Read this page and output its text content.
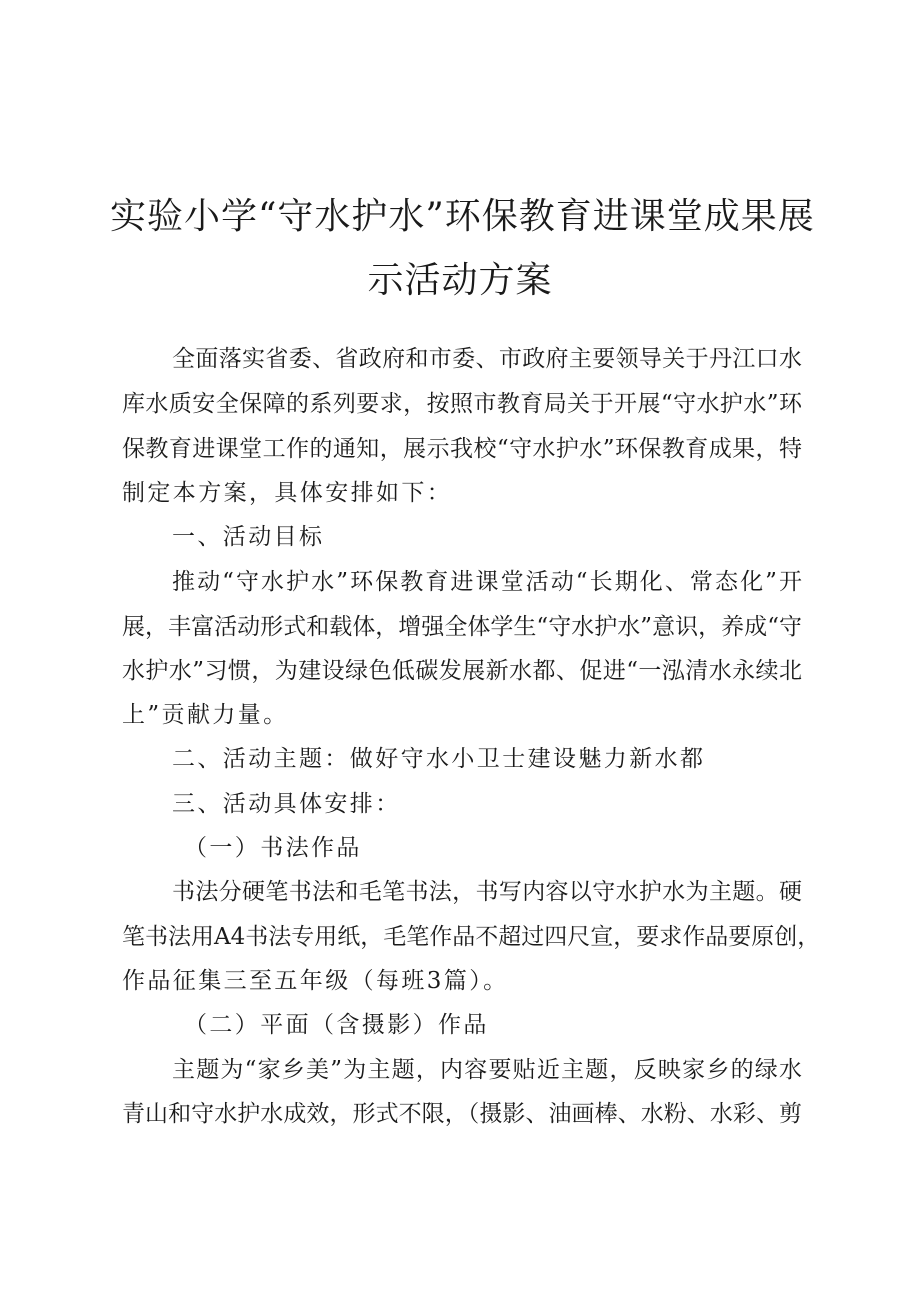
实验小学“守水护水”环保教育进课堂成果展
示活动方案
全面落实省委、省政府和市委、市政府主要领导关于丹江口水
库水质安全保障的系列要求，按照市教育局关于开展“守水护水”环
保教育进课堂工作的通知，展示我校“守水护水”环保教育成果，特
制定本方案，具体安排如下：
一、活动目标
推动“守水护水”环保教育进课堂活动“长期化、常态化”开
展，丰富活动形式和载体，增强全体学生“守水护水”意识，养成“守
水护水”习惯，为建设绿色低碳发展新水都、促进“一泓清水永续北
上”贡献力量。
二、活动主题：做好守水小卫士建设魅力新水都
三、活动具体安排：
（一）书法作品
书法分硬笔书法和毛笔书法，书写内容以守水护水为主题。硬
笔书法用A4书法专用纸，毛笔作品不超过四尺宣，要求作品要原创，
作品征集三至五年级（每班3篇）。
（二）平面（含摄影）作品
主题为“家乡美”为主题，内容要贴近主题，反映家乡的绿水
青山和守水护水成效，形式不限，（摄影、油画棒、水粉、水彩、剪
